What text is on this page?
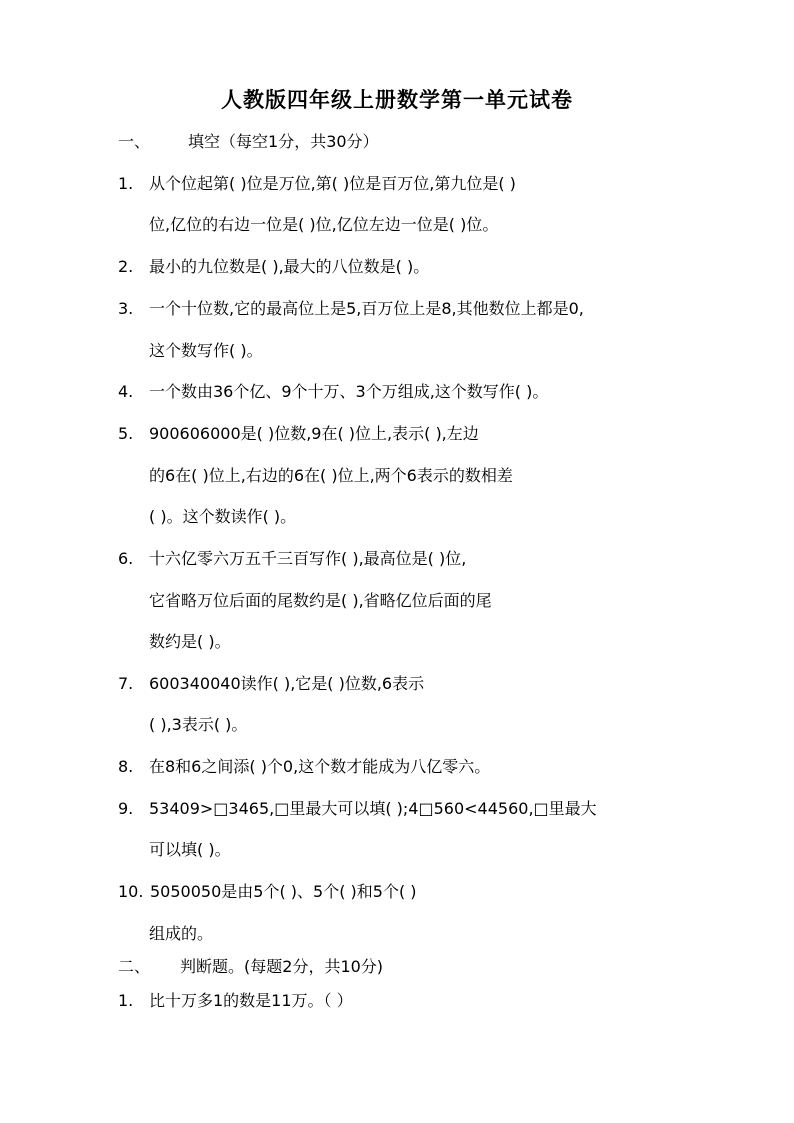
人教版四年级上册数学第一单元试卷
一、 填空（每空1分，共30分）
1. 从个位起第( )位是万位,第( )位是百万位,第九位是( )
位,亿位的右边一位是( )位,亿位左边一位是( )位。
2. 最小的九位数是( ),最大的八位数是( )。
3. 一个十位数,它的最高位上是5,百万位上是8,其他数位上都是0,
这个数写作( )。
4. 一个数由36个亿、9个十万、3个万组成,这个数写作( )。
5. 900606000是( )位数,9在( )位上,表示( ),左边
的6在( )位上,右边的6在( )位上,两个6表示的数相差
( )。这个数读作( )。
6. 十六亿零六万五千三百写作( ),最高位是( )位,
它省略万位后面的尾数约是( ),省略亿位后面的尾
数约是( )。
7. 600340040读作( ),它是( )位数,6表示
( ),3表示( )。
8. 在8和6之间添( )个0,这个数才能成为八亿零六。
9. 53409>□3465,□里最大可以填( );4□560<44560,□里最大
可以填( )。
10. 5050050是由5个( )、5个( )和5个( )
组成的。
二、 判断题。(每题2分，共10分)
1. 比十万多1的数是11万。（ ）
